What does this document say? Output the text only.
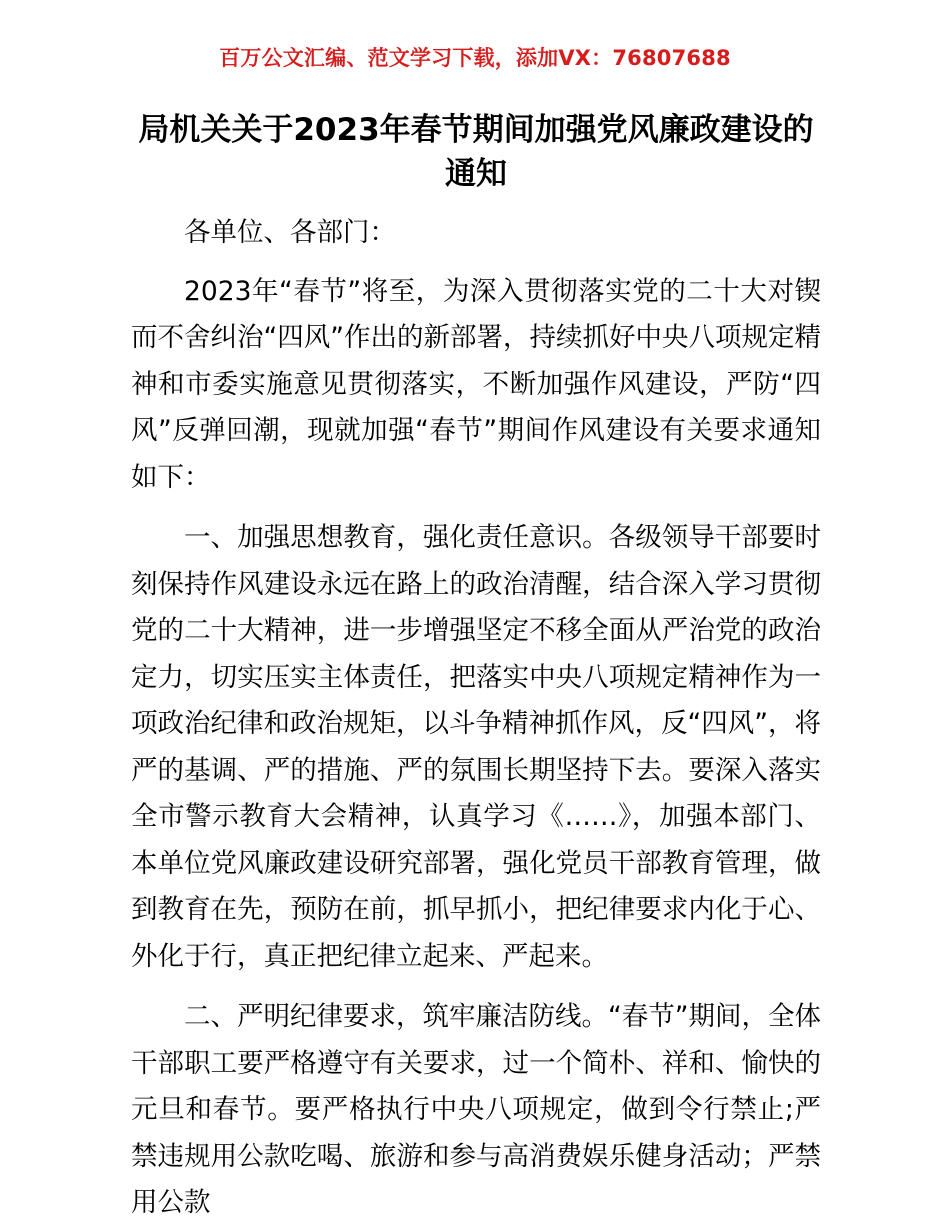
百万公文汇编、范文学习下载，添加VX：76807688
局机关关于2023年春节期间加强党风廉政建设的通知

各单位、各部门：

2023年“春节”将至，为深入贯彻落实党的二十大对锲而不舍纠治“四风”作出的新部署，持续抓好中央八项规定精神和市委实施意见贯彻落实，不断加强作风建设，严防“四风”反弹回潮，现就加强“春节”期间作风建设有关要求通知如下：

一、加强思想教育，强化责任意识。各级领导干部要时刻保持作风建设永远在路上的政治清醒，结合深入学习贯彻党的二十大精神，进一步增强坚定不移全面从严治党的政治定力，切实压实主体责任，把落实中央八项规定精神作为一项政治纪律和政治规矩，以斗争精神抓作风，反“四风”，将严的基调、严的措施、严的氛围长期坚持下去。要深入落实全市警示教育大会精神，认真学习《……》，加强本部门、本单位党风廉政建设研究部署，强化党员干部教育管理，做到教育在先，预防在前，抓早抓小，把纪律要求内化于心、外化于行，真正把纪律立起来、严起来。

二、严明纪律要求，筑牢廉洁防线。“春节”期间，全体干部职工要严格遵守有关要求，过一个简朴、祥和、愉快的元旦和春节。要严格执行中央八项规定，做到令行禁止;严禁违规用公款吃喝、旅游和参与高消费娱乐健身活动；严禁用公款
